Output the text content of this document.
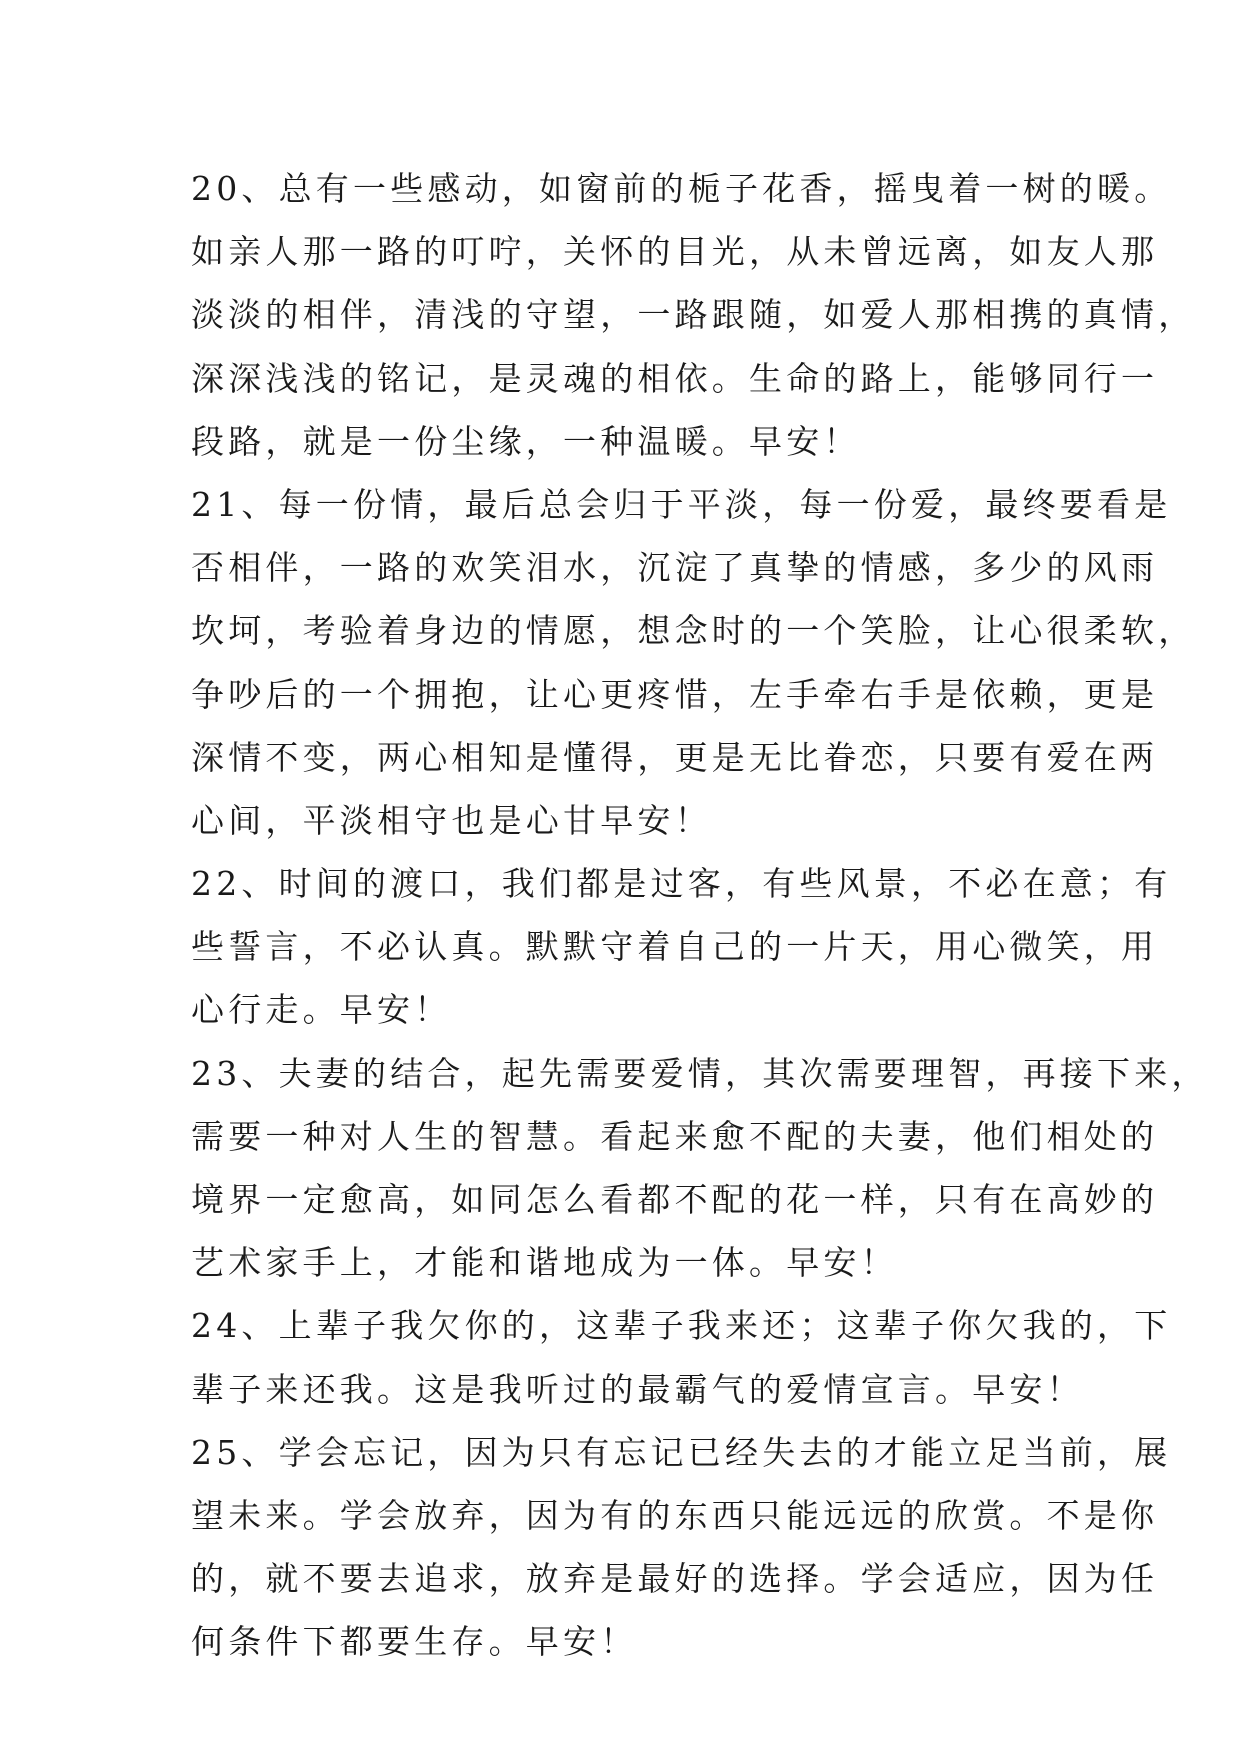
20、总有一些感动，如窗前的栀子花香，摇曳着一树的暖。
如亲人那一路的叮咛，关怀的目光，从未曾远离，如友人那
淡淡的相伴，清浅的守望，一路跟随，如爱人那相携的真情，
深深浅浅的铭记，是灵魂的相依。生命的路上，能够同行一
段路，就是一份尘缘，一种温暖。早安！
21、每一份情，最后总会归于平淡，每一份爱，最终要看是
否相伴，一路的欢笑泪水，沉淀了真挚的情感，多少的风雨
坎坷，考验着身边的情愿，想念时的一个笑脸，让心很柔软，
争吵后的一个拥抱，让心更疼惜，左手牵右手是依赖，更是
深情不变，两心相知是懂得，更是无比眷恋，只要有爱在两
心间，平淡相守也是心甘早安！
22、时间的渡口，我们都是过客，有些风景，不必在意；有
些誓言，不必认真。默默守着自己的一片天，用心微笑，用
心行走。早安！
23、夫妻的结合，起先需要爱情，其次需要理智，再接下来，
需要一种对人生的智慧。看起来愈不配的夫妻，他们相处的
境界一定愈高，如同怎么看都不配的花一样，只有在高妙的
艺术家手上，才能和谐地成为一体。早安！
24、上辈子我欠你的，这辈子我来还；这辈子你欠我的，下
辈子来还我。这是我听过的最霸气的爱情宣言。早安！
25、学会忘记，因为只有忘记已经失去的才能立足当前，展
望未来。学会放弃，因为有的东西只能远远的欣赏。不是你
的，就不要去追求，放弃是最好的选择。学会适应，因为任
何条件下都要生存。早安！
